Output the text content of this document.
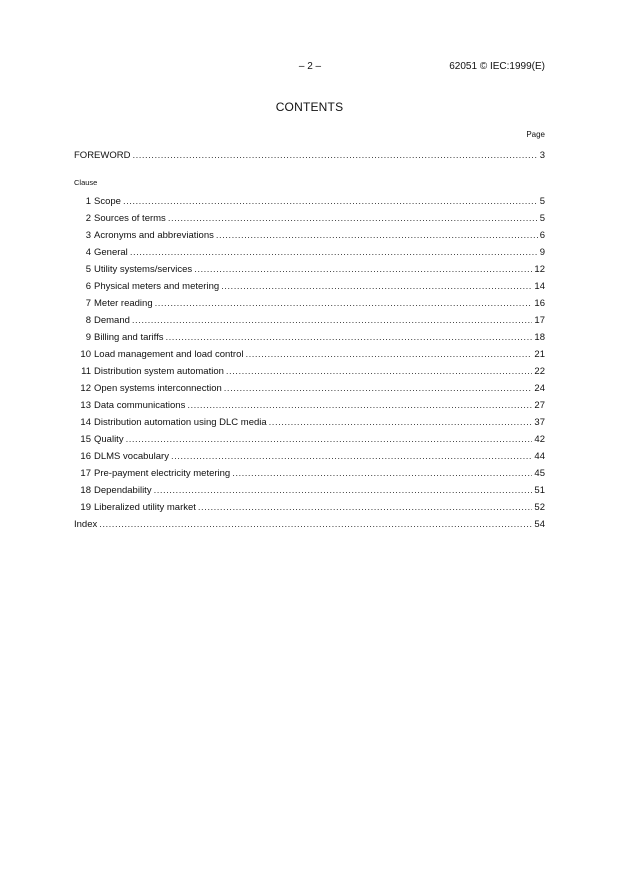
– 2 –	62051 © IEC:1999(E)
CONTENTS
Page
FOREWORD .....	3
Clause
1 Scope .....	5
2 Sources of terms .....	5
3 Acronyms and abbreviations .....	6
4 General .....	9
5 Utility systems/services .....	12
6 Physical meters and metering .....	14
7 Meter reading .....	16
8 Demand .....	17
9 Billing and tariffs .....	18
10 Load management and load control .....	21
11 Distribution system automation .....	22
12 Open systems interconnection .....	24
13 Data communications .....	27
14 Distribution automation using DLC media .....	37
15 Quality .....	42
16 DLMS vocabulary .....	44
17 Pre-payment electricity metering .....	45
18 Dependability .....	51
19 Liberalized utility market .....	52
Index .....	54
